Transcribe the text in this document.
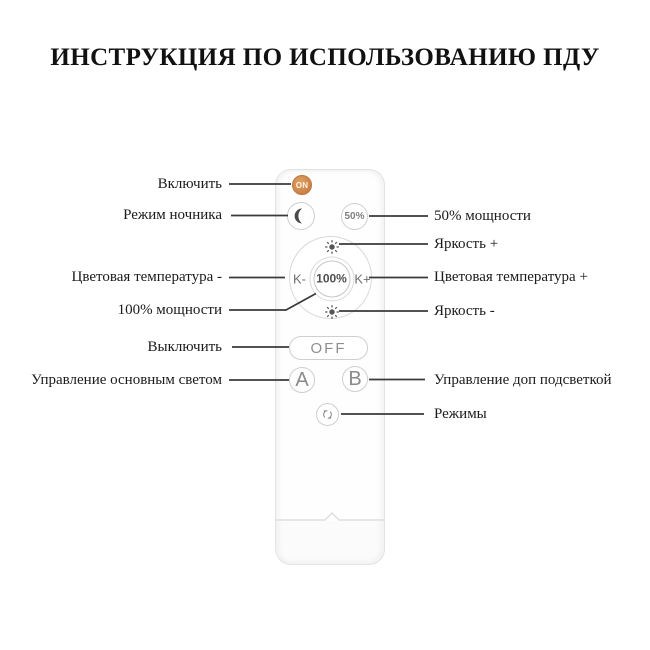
ИНСТРУКЦИЯ ПО ИСПОЛЬЗОВАНИЮ ПДУ
ON
50%
K- 100% K+
OFF
A B
Включить
Режим ночника
Цветовая температура -
100% мощности
Выключить
Управление основным светом
50% мощности
Яркость +
Цветовая температура +
Яркость -
Управление доп подсветкой
Режимы
